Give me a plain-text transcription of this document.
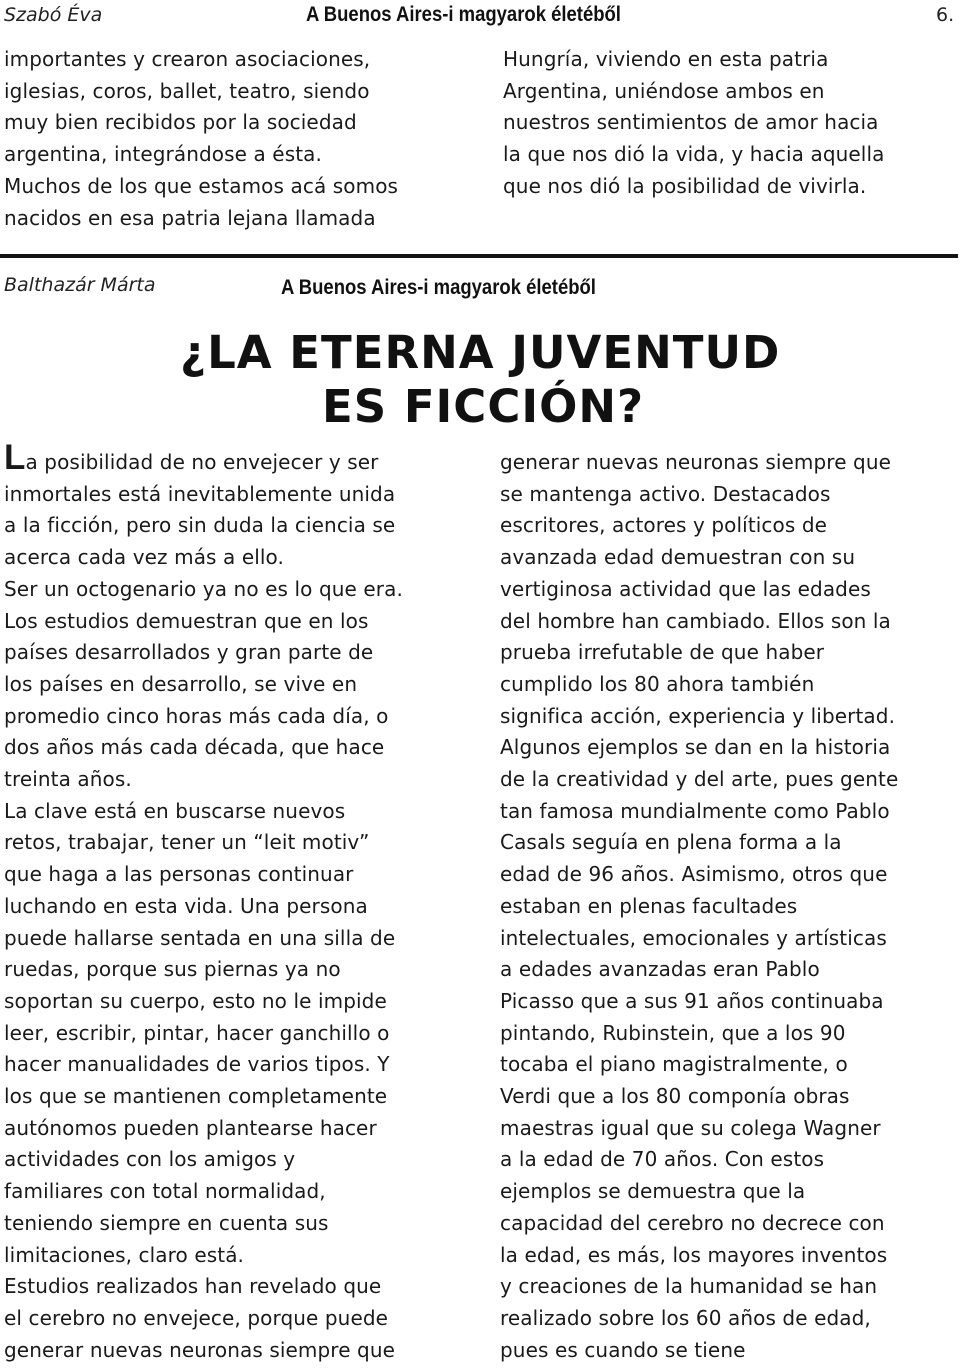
Szabó Éva	A Buenos Aires-i magyarok életéből	6.
importantes y crearon asociaciones,
iglesias, coros, ballet, teatro, siendo
muy bien recibidos por la sociedad
argentina, integrándose a ésta.
Muchos de los que estamos acá somos
nacidos en esa patria lejana llamada
Hungría, viviendo en esta patria
Argentina, uniéndose ambos en
nuestros sentimientos de amor hacia
la que nos dió la vida, y hacia aquella
que nos dió la posibilidad de vivirla.
Balthazár Márta	A Buenos Aires-i magyarok életéből
¿LA ETERNA JUVENTUD
ES FICCIÓN?
La posibilidad de no envejecer y ser
inmortales está inevitablemente unida
a la ficción, pero sin duda la ciencia se
acerca cada vez más a ello.
Ser un octogenario ya no es lo que era.
Los estudios demuestran que en los
países desarrollados y gran parte de
los países en desarrollo, se vive en
promedio cinco horas más cada día, o
dos años más cada década, que hace
treinta años.
La clave está en buscarse nuevos
retos, trabajar, tener un “leit motiv”
que haga a las personas continuar
luchando en esta vida. Una persona
puede hallarse sentada en una silla de
ruedas, porque sus piernas ya no
soportan su cuerpo, esto no le impide
leer, escribir, pintar, hacer ganchillo o
hacer manualidades de varios tipos. Y
los que se mantienen completamente
autónomos pueden plantearse hacer
actividades con los amigos y
familiares con total normalidad,
teniendo siempre en cuenta sus
limitaciones, claro está.
Estudios realizados han revelado que
el cerebro no envejece, porque puede
generar nuevas neuronas siempre que
generar nuevas neuronas siempre que
se mantenga activo. Destacados
escritores, actores y políticos de
avanzada edad demuestran con su
vertiginosa actividad que las edades
del hombre han cambiado. Ellos son la
prueba irrefutable de que haber
cumplido los 80 ahora también
significa acción, experiencia y libertad.
Algunos ejemplos se dan en la historia
de la creatividad y del arte, pues gente
tan famosa mundialmente como Pablo
Casals seguía en plena forma a la
edad de 96 años. Asimismo, otros que
estaban en plenas facultades
intelectuales, emocionales y artísticas
a edades avanzadas eran Pablo
Picasso que a sus 91 años continuaba
pintando, Rubinstein, que a los 90
tocaba el piano magistralmente, o
Verdi que a los 80 componía obras
maestras igual que su colega Wagner
a la edad de 70 años. Con estos
ejemplos se demuestra que la
capacidad del cerebro no decrece con
la edad, es más, los mayores inventos
y creaciones de la humanidad se han
realizado sobre los 60 años de edad,
pues es cuando se tiene
